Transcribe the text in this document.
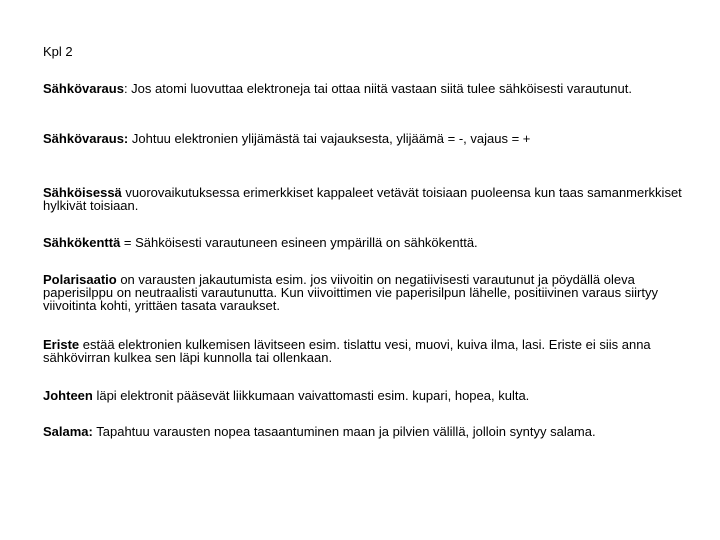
Kpl 2

Sähkövaraus: Jos atomi luovuttaa elektroneja tai ottaa niitä vastaan siitä tulee sähköisesti varautunut.

Sähkövaraus: Johtuu elektronien ylijämästä tai vajauksesta, ylijäämä = -, vajaus = +

Sähköisessä vuorovaikutuksessa erimerkkiset kappaleet vetävät toisiaan puoleensa kun taas samanmerkkiset hylkivät toisiaan.

Sähkökenttä = Sähköisesti varautuneen esineen ympärillä on sähkökenttä.

Polarisaatio on varausten jakautumista esim. jos viivoitin on negatiivisesti varautunut ja pöydällä oleva paperisilppu on neutraalisti varautunutta. Kun viivoittimen vie paperisilpun lähelle, positiivinen varaus siirtyy viivoitinta kohti, yrittäen tasata varaukset.

Eriste estää elektronien kulkemisen lävitseen esim. tislattu vesi, muovi, kuiva ilma, lasi. Eriste ei siis anna sähkövirran kulkea sen läpi kunnolla tai ollenkaan.

Johteen läpi elektronit pääsevät liikkumaan vaivattomasti esim. kupari, hopea, kulta.

Salama: Tapahtuu varausten nopea tasaantuminen maan ja pilvien välillä, jolloin syntyy salama.
